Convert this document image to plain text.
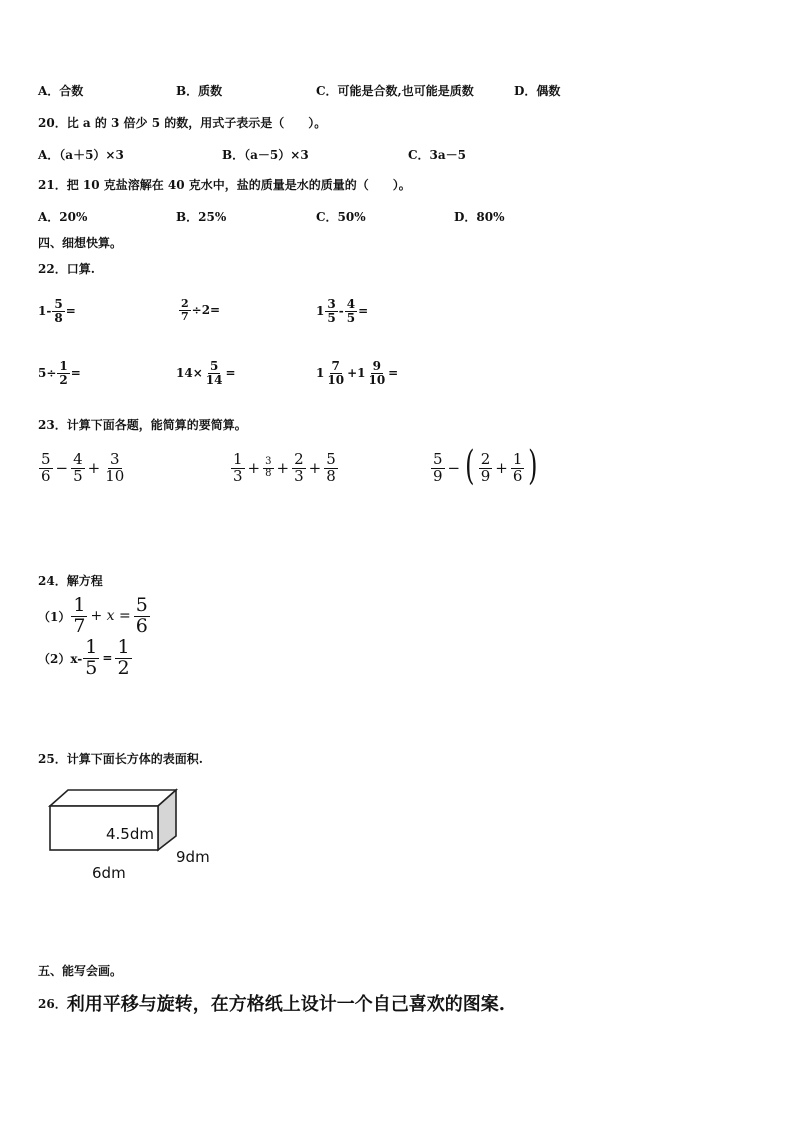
A．合数	B．质数	C．可能是合数,也可能是质数	D．偶数
20．比 a 的 3 倍少 5 的数，用式子表示是（　　）。
A．（a＋5）×3	B．（a－5）×3	C．3a－5
21．把 10 克盐溶解在 40 克水中，盐的质量是水的质量的（　　）。
A．20%	B．25%	C．50%	D．80%
四、细想快算。
22．口算.
$1- \frac{5}{8}$ =	$\frac{2}{7} \div 2=$	$1 \frac{3}{5} - \frac{4}{5}$ =
$5\div \frac{1}{2}$ =	$14\times \frac{5}{14}$ =	$1 \frac{7}{10} +1 \frac{9}{10}$ =
23．计算下面各题，能简算的要简算。
$\frac{5}{6} - \frac{4}{5} + \frac{3}{10}$	$\frac{1}{3} + \frac{3}{8} + \frac{2}{3} + \frac{5}{8}$	$\frac{5}{9}$ − ( $\frac{2}{9} + \frac{1}{6}$ )
24．解方程
$(1) \frac{1}{7} + x = \frac{5}{6}$
$(2)x- \frac{1}{5} = \frac{1}{2}$
25．计算下面长方体的表面积.
4.5dm
9dm
6dm
五、能写会画。
26． 利用平移与旋转，在方格纸上设计一个自己喜欢的图案.
